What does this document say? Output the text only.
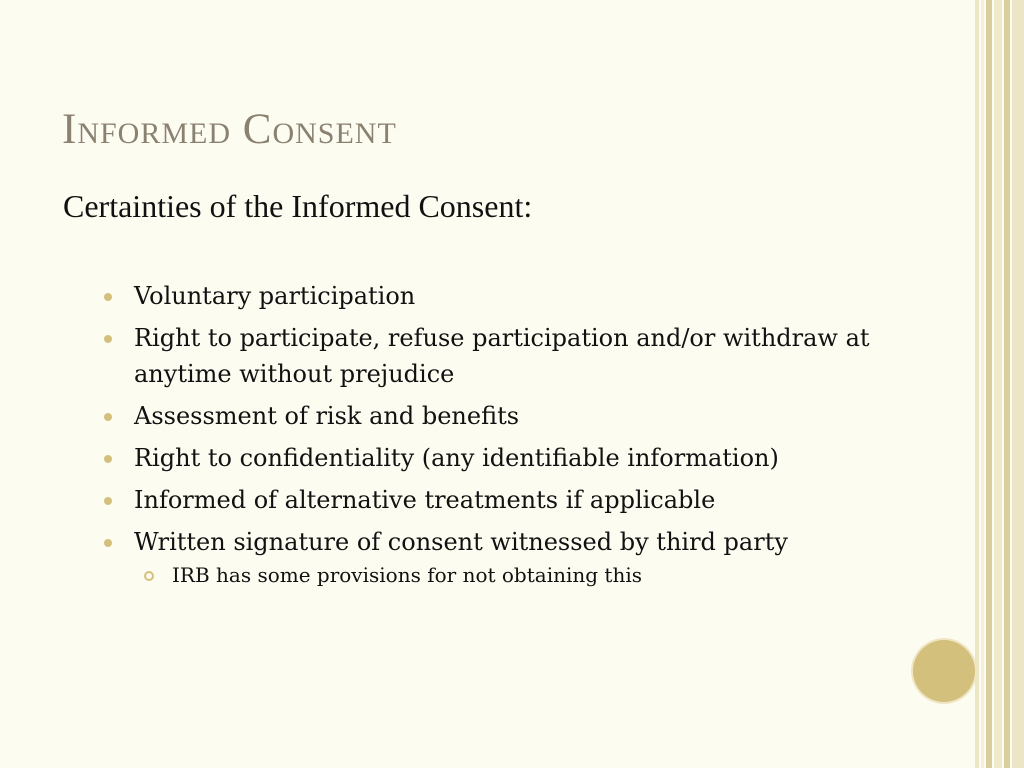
Informed Consent

Certainties of the Informed Consent:

Voluntary participation
Right to participate, refuse participation and/or withdraw at anytime without prejudice
Assessment of risk and benefits
Right to confidentiality (any identifiable information)
Informed of alternative treatments if applicable
Written signature of consent witnessed by third party
IRB has some provisions for not obtaining this
